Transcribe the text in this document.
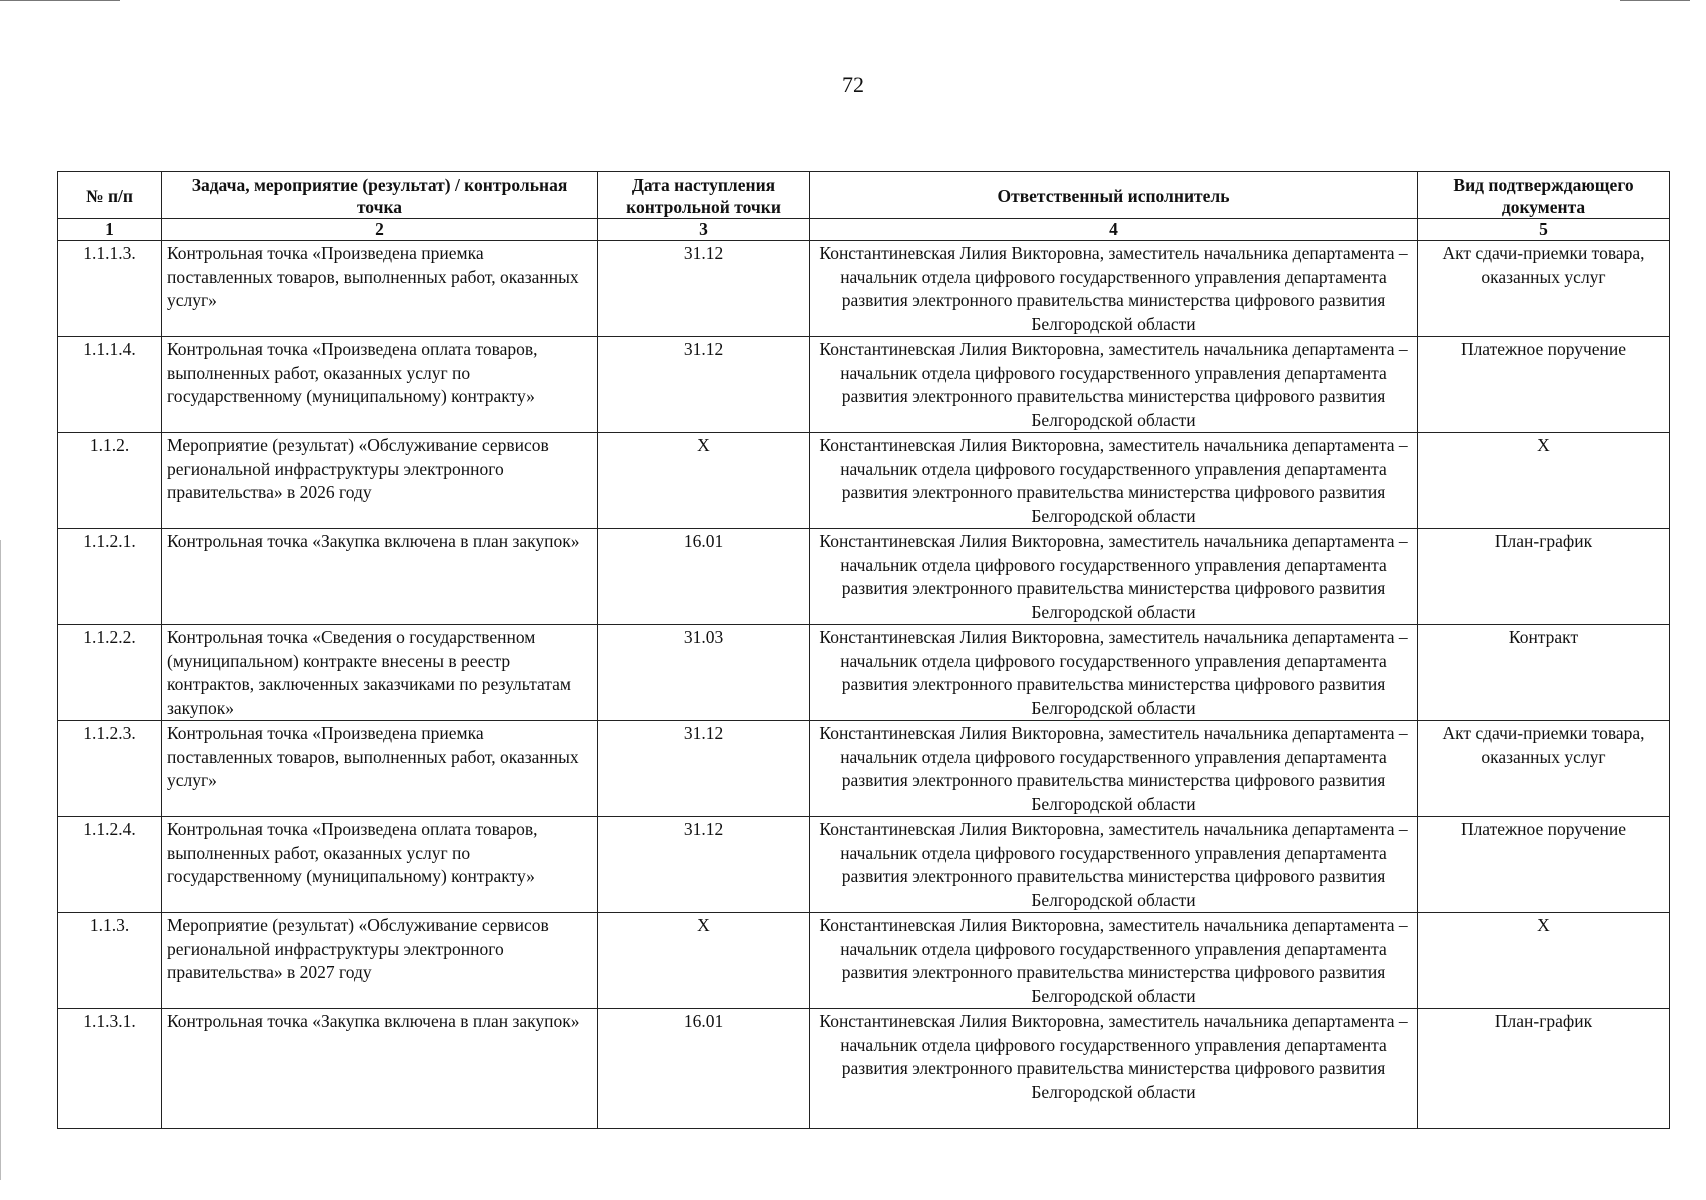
72
№ п/п	Задача, мероприятие (результат) / контрольная точка	Дата наступления контрольной точки	Ответственный исполнитель	Вид подтверждающего документа
1	2	3	4	5
1.1.1.3.	Контрольная точка «Произведена приемка поставленных товаров, выполненных работ, оказанных услуг»	31.12	Константиневская Лилия Викторовна, заместитель начальника департамента – начальник отдела цифрового государственного управления департамента развития электронного правительства министерства цифрового развития Белгородской области	Акт сдачи-приемки товара, оказанных услуг
1.1.1.4.	Контрольная точка «Произведена оплата товаров, выполненных работ, оказанных услуг по государственному (муниципальному) контракту»	31.12	Константиневская Лилия Викторовна, заместитель начальника департамента – начальник отдела цифрового государственного управления департамента развития электронного правительства министерства цифрового развития Белгородской области	Платежное поручение
1.1.2.	Мероприятие (результат) «Обслуживание сервисов региональной инфраструктуры электронного правительства» в 2026 году	Х	Константиневская Лилия Викторовна, заместитель начальника департамента – начальник отдела цифрового государственного управления департамента развития электронного правительства министерства цифрового развития Белгородской области	Х
1.1.2.1.	Контрольная точка «Закупка включена в план закупок»	16.01	Константиневская Лилия Викторовна, заместитель начальника департамента – начальник отдела цифрового государственного управления департамента развития электронного правительства министерства цифрового развития Белгородской области	План-график
1.1.2.2.	Контрольная точка «Сведения о государственном (муниципальном) контракте внесены в реестр контрактов, заключенных заказчиками по результатам закупок»	31.03	Константиневская Лилия Викторовна, заместитель начальника департамента – начальник отдела цифрового государственного управления департамента развития электронного правительства министерства цифрового развития Белгородской области	Контракт
1.1.2.3.	Контрольная точка «Произведена приемка поставленных товаров, выполненных работ, оказанных услуг»	31.12	Константиневская Лилия Викторовна, заместитель начальника департамента – начальник отдела цифрового государственного управления департамента развития электронного правительства министерства цифрового развития Белгородской области	Акт сдачи-приемки товара, оказанных услуг
1.1.2.4.	Контрольная точка «Произведена оплата товаров, выполненных работ, оказанных услуг по государственному (муниципальному) контракту»	31.12	Константиневская Лилия Викторовна, заместитель начальника департамента – начальник отдела цифрового государственного управления департамента развития электронного правительства министерства цифрового развития Белгородской области	Платежное поручение
1.1.3.	Мероприятие (результат) «Обслуживание сервисов региональной инфраструктуры электронного правительства» в 2027 году	Х	Константиневская Лилия Викторовна, заместитель начальника департамента – начальник отдела цифрового государственного управления департамента развития электронного правительства министерства цифрового развития Белгородской области	Х
1.1.3.1.	Контрольная точка «Закупка включена в план закупок»	16.01	Константиневская Лилия Викторовна, заместитель начальника департамента – начальник отдела цифрового государственного управления департамента развития электронного правительства министерства цифрового развития Белгородской области	План-график
